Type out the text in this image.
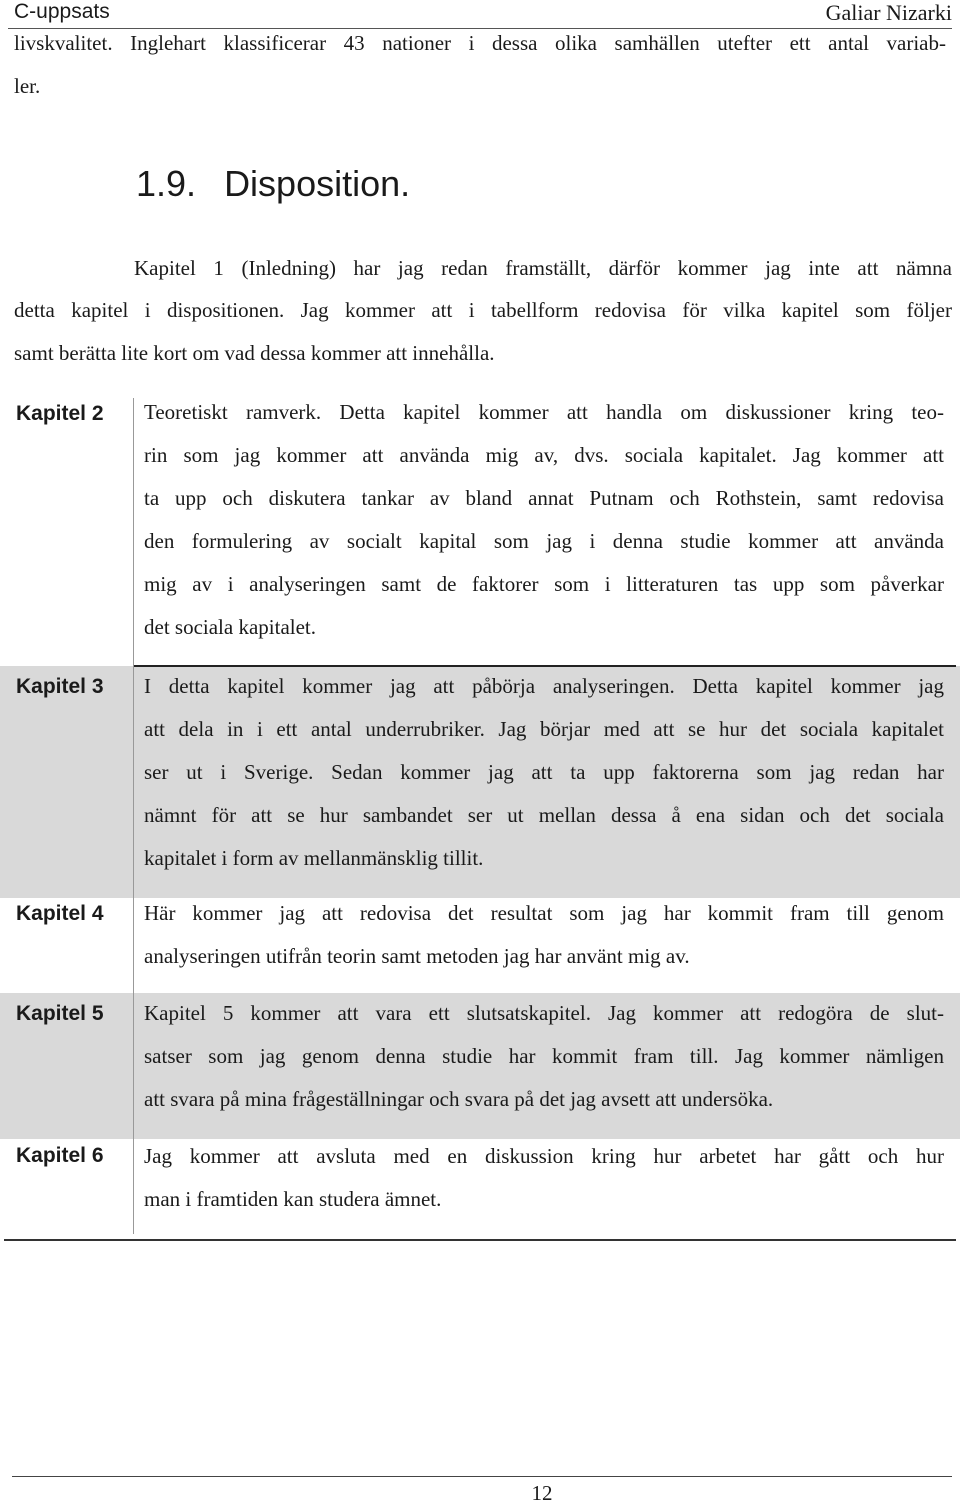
C-uppsats	Galiar Nizarki
livskvalitet. Inglehart klassificerar 43 nationer i dessa olika samhällen utefter ett antal variab-
ler.
1.9. Disposition.
Kapitel 1 (Inledning) har jag redan framställt, därför kommer jag inte att nämna
detta kapitel i dispositionen. Jag kommer att i tabellform redovisa för vilka kapitel som följer
samt berätta lite kort om vad dessa kommer att innehålla.
Kapitel 2 Teoretiskt ramverk. Detta kapitel kommer att handla om diskussioner kring teo-
rin som jag kommer att använda mig av, dvs. sociala kapitalet. Jag kommer att
ta upp och diskutera tankar av bland annat Putnam och Rothstein, samt redovisa
den formulering av socialt kapital som jag i denna studie kommer att använda
mig av i analyseringen samt de faktorer som i litteraturen tas upp som påverkar
det sociala kapitalet.
Kapitel 3 I detta kapitel kommer jag att påbörja analyseringen. Detta kapitel kommer jag
att dela in i ett antal underrubriker. Jag börjar med att se hur det sociala kapitalet
ser ut i Sverige. Sedan kommer jag att ta upp faktorerna som jag redan har
nämnt för att se hur sambandet ser ut mellan dessa å ena sidan och det sociala
kapitalet i form av mellanmänsklig tillit.
Kapitel 4 Här kommer jag att redovisa det resultat som jag har kommit fram till genom
analyseringen utifrån teorin samt metoden jag har använt mig av.
Kapitel 5 Kapitel 5 kommer att vara ett slutsatskapitel. Jag kommer att redogöra de slut-
satser som jag genom denna studie har kommit fram till. Jag kommer nämligen
att svara på mina frågeställningar och svara på det jag avsett att undersöka.
Kapitel 6 Jag kommer att avsluta med en diskussion kring hur arbetet har gått och hur
man i framtiden kan studera ämnet.
12
